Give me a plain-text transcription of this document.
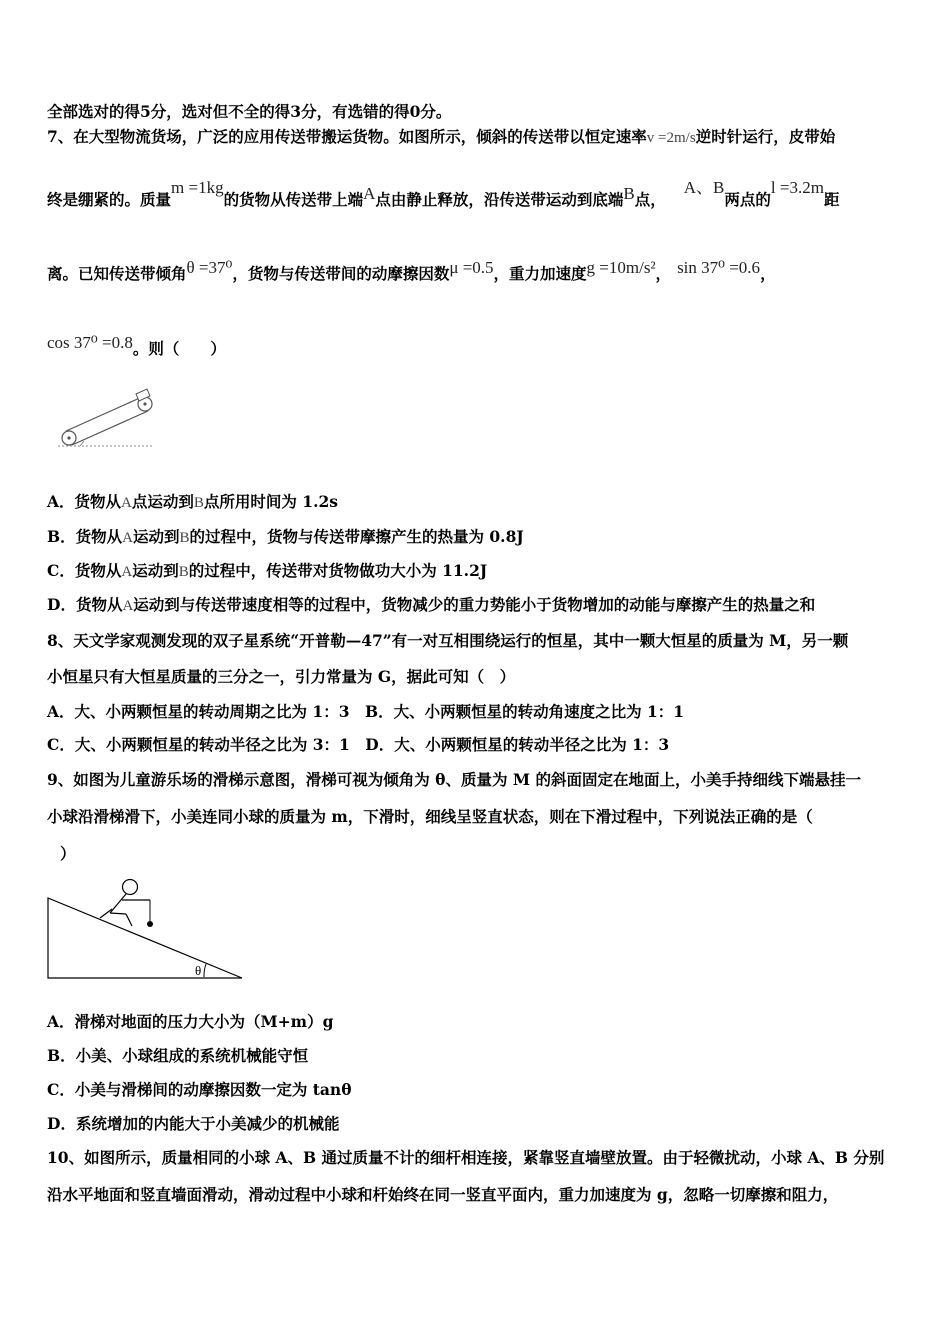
全部选对的得5分，选对但不全的得3分，有选错的得0分。
7、在大型物流货场，广泛的应用传送带搬运货物。如图所示，倾斜的传送带以恒定速率v =2m/s逆时针运行，皮带始
终是绷紧的。质量m =1kg的货物从传送带上端A点由静止释放，沿传送带运动到底端B点，A、B两点的l =3.2m距
离。已知传送带倾角θ =37⁰，货物与传送带间的动摩擦因数μ =0.5，重力加速度g =10m/s²， sin 37⁰ =0.6，
cos 37⁰ =0.8。则（　　）
A．货物从A点运动到B点所用时间为 1.2s
B．货物从A运动到B的过程中，货物与传送带摩擦产生的热量为 0.8J
C．货物从A运动到B的过程中，传送带对货物做功大小为 11.2J
D．货物从A运动到与传送带速度相等的过程中，货物减少的重力势能小于货物增加的动能与摩擦产生的热量之和
8、天文学家观测发现的双子星系统“开普勒—47”有一对互相围绕运行的恒星，其中一颗大恒星的质量为 M，另一颗
小恒星只有大恒星质量的三分之一，引力常量为 G，据此可知（　）
A．大、小两颗恒星的转动周期之比为 1：3　B．大、小两颗恒星的转动角速度之比为 1：1
C．大、小两颗恒星的转动半径之比为 3：1　D．大、小两颗恒星的转动半径之比为 1：3
9、如图为儿童游乐场的滑梯示意图，滑梯可视为倾角为 θ、质量为 M 的斜面固定在地面上，小美手持细线下端悬挂一
小球沿滑梯滑下，小美连同小球的质量为 m，下滑时，细线呈竖直状态，则在下滑过程中，下列说法正确的是（
）
θ
A．滑梯对地面的压力大小为（M+m）g
B．小美、小球组成的系统机械能守恒
C．小美与滑梯间的动摩擦因数一定为 tanθ
D．系统增加的内能大于小美减少的机械能
10、如图所示，质量相同的小球 A、B 通过质量不计的细杆相连接，紧靠竖直墙壁放置。由于轻微扰动，小球 A、B 分别
沿水平地面和竖直墙面滑动，滑动过程中小球和杆始终在同一竖直平面内，重力加速度为 g，忽略一切摩擦和阻力，
